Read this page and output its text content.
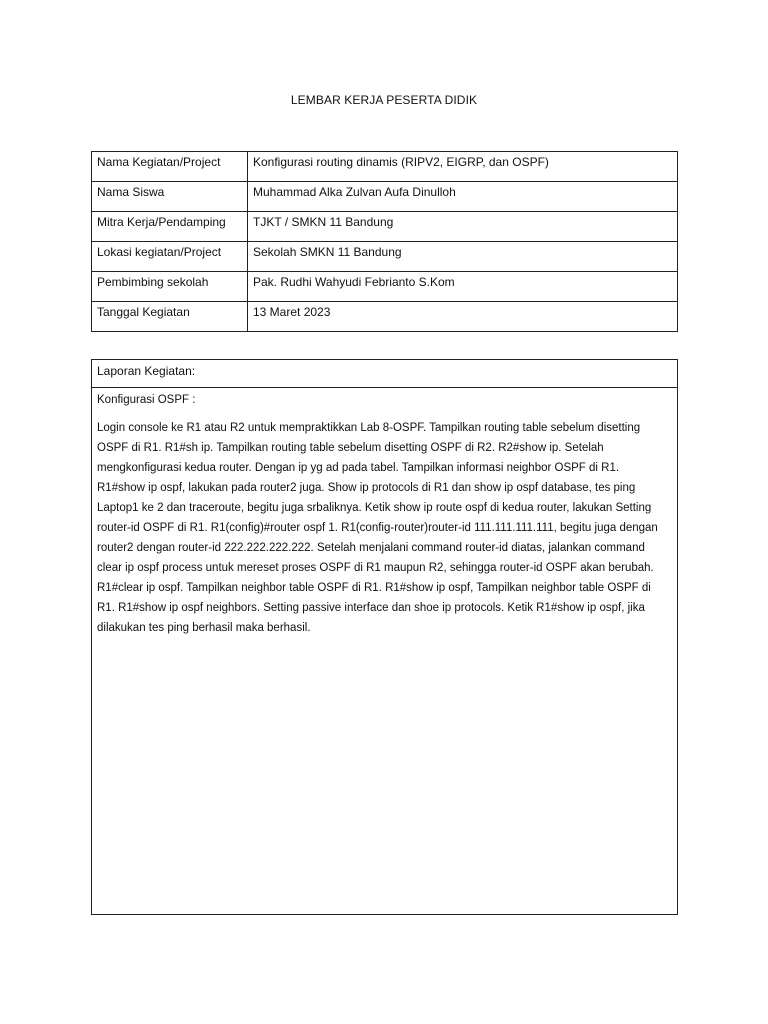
LEMBAR KERJA PESERTA DIDIK
Nama Kegiatan/Project	Konfigurasi routing dinamis (RIPV2, EIGRP, dan OSPF)
Nama Siswa	Muhammad Alka Zulvan Aufa Dinulloh
Mitra Kerja/Pendamping	TJKT / SMKN 11 Bandung
Lokasi kegiatan/Project	Sekolah SMKN 11 Bandung
Pembimbing sekolah	Pak. Rudhi Wahyudi Febrianto S.Kom
Tanggal Kegiatan	13 Maret 2023
Laporan Kegiatan:

Konfigurasi OSPF :

Login console ke R1 atau R2 untuk mempraktikkan Lab 8-OSPF. Tampilkan routing table sebelum disetting OSPF di R1. R1#sh ip. Tampilkan routing table sebelum disetting OSPF di R2. R2#show ip. Setelah mengkonfigurasi kedua router. Dengan ip yg ad pada tabel. Tampilkan informasi neighbor OSPF di R1. R1#show ip ospf, lakukan pada router2 juga. Show ip protocols di R1 dan show ip ospf database, tes ping Laptop1 ke 2 dan traceroute, begitu juga srbaliknya. Ketik show ip route ospf di kedua router, lakukan Setting router-id OSPF di R1. R1(config)#router ospf 1. R1(config-router)router-id 111.111.111.111, begitu juga dengan router2 dengan router-id 222.222.222.222. Setelah menjalani command router-id diatas, jalankan command clear ip ospf process untuk mereset proses OSPF di R1 maupun R2, sehingga router-id OSPF akan berubah. R1#clear ip ospf. Tampilkan neighbor table OSPF di R1. R1#show ip ospf, Tampilkan neighbor table OSPF di R1. R1#show ip ospf neighbors. Setting passive interface dan shoe ip protocols. Ketik R1#show ip ospf, jika dilakukan tes ping berhasil maka berhasil.
